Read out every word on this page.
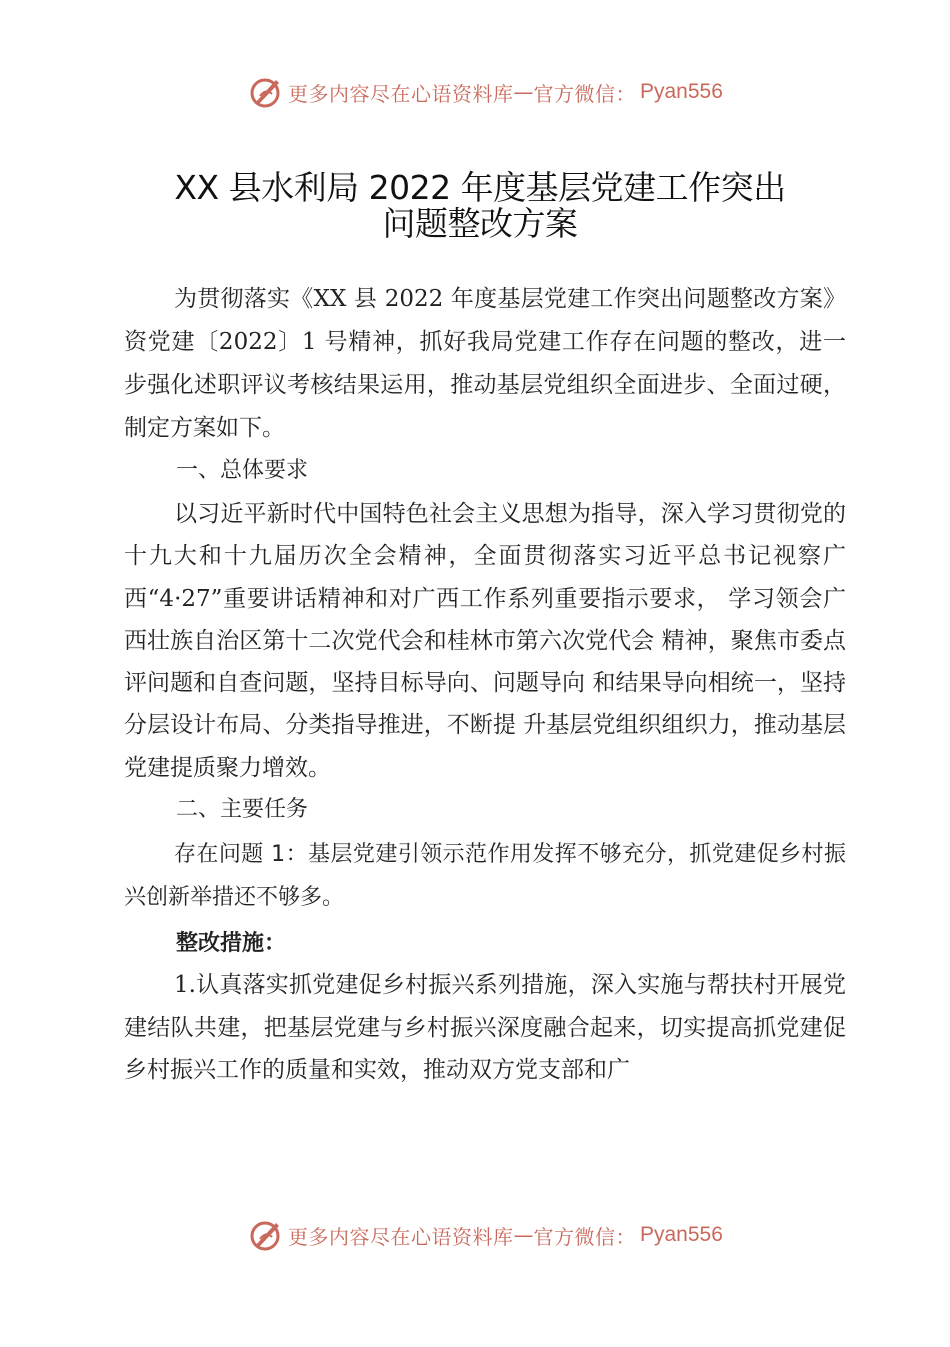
更多内容尽在心语资料库 — 官方微信： Pyan556
XX 县水利局 2022 年度基层党建工作突出
问题整改方案

为贯彻落实《XX 县 2022 年度基层党建工作突出问题整改方案》资党建〔2022〕1 号精神，抓好我局党建工作存在问题的整改，进一步强化述职评议考核结果运用，推动基层党组织全面进步、全面过硬，制定方案如下。

一、总体要求

以习近平新时代中国特色社会主义思想为指导，深入学习贯彻党的十九大和十九届历次全会精神，全面贯彻落实习近平总书记视察广西“4·27”重要讲话精神和对广西工作系列重要指示要求， 学习领会广西壮族自治区第十二次党代会和桂林市第六次党代会 精神，聚焦市委点评问题和自查问题，坚持目标导向、问题导向 和结果导向相统一，坚持分层设计布局、分类指导推进，不断提 升基层党组织组织力，推动基层党建提质聚力增效。

二、主要任务

存在问题 1：基层党建引领示范作用发挥不够充分，抓党建促乡村振兴创新举措还不够多。

整改措施：

1.认真落实抓党建促乡村振兴系列措施，深入实施与帮扶村开展党建结队共建，把基层党建与乡村振兴深度融合起来，切实提高抓党建促乡村振兴工作的质量和实效，推动双方党支部和广

更多内容尽在心语资料库 — 官方微信： Pyan556
